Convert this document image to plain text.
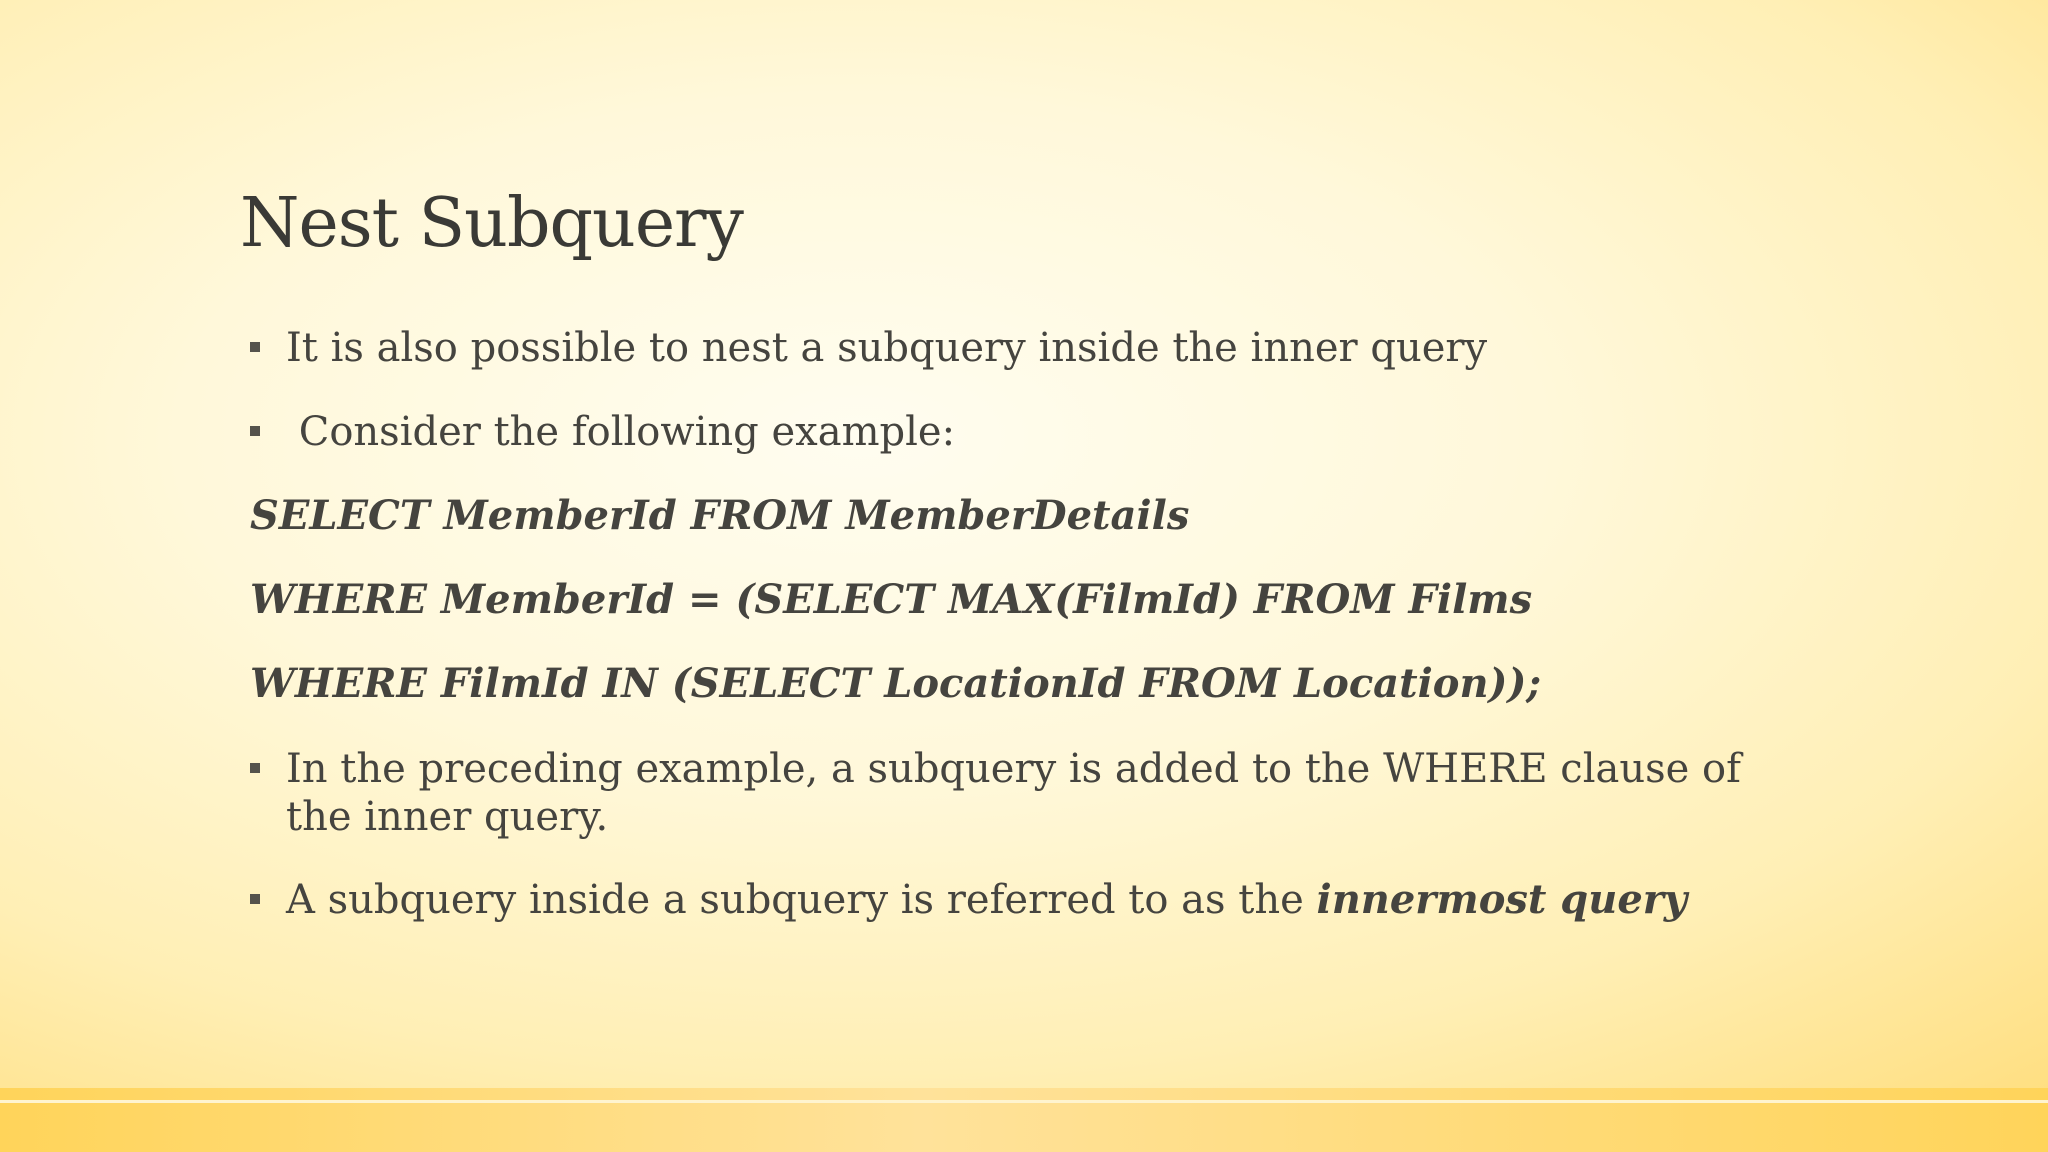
Nest Subquery
It is also possible to nest a subquery inside the inner query
Consider the following example:
SELECT MemberId FROM MemberDetails
WHERE MemberId = (SELECT MAX(FilmId) FROM Films
WHERE FilmId IN (SELECT LocationId FROM Location));
In the preceding example, a subquery is added to the WHERE clause of the inner query.
A subquery inside a subquery is referred to as the innermost query
